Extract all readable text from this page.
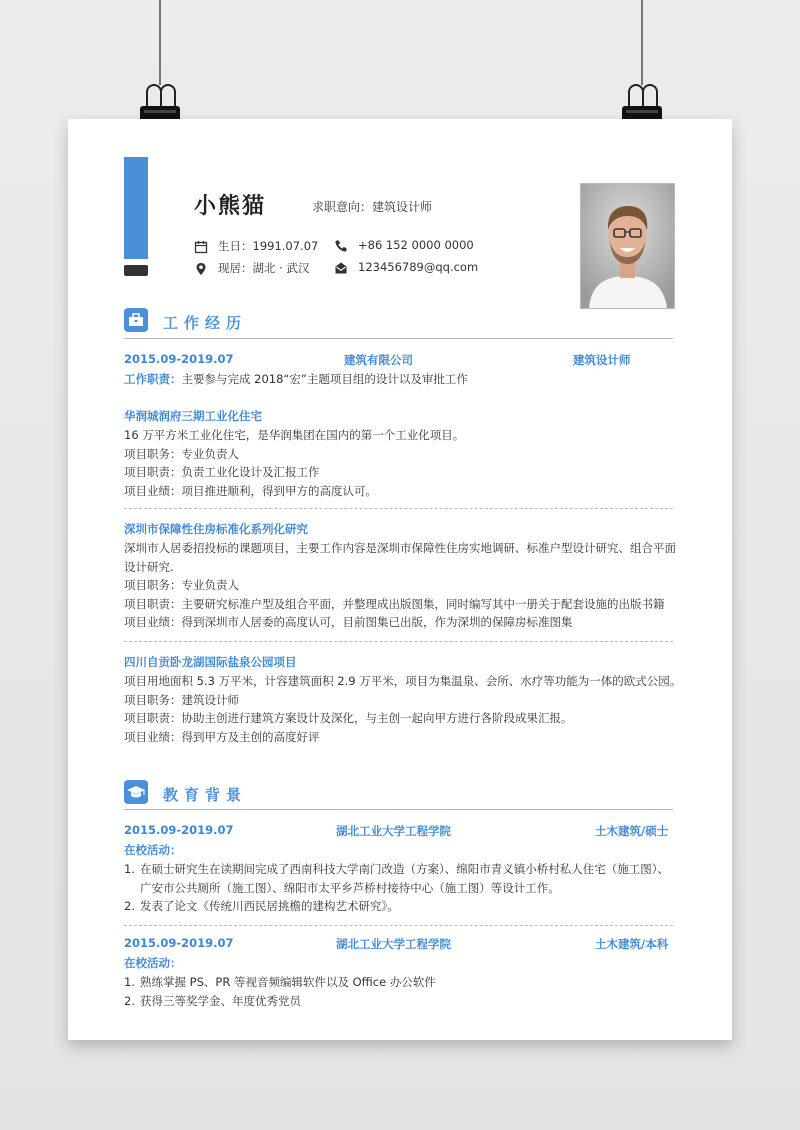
小熊猫	求职意向：建筑设计师
生日：1991.07.07	+86 152 0000 0000
现居：湖北 · 武汉	123456789@qq.com
工作经历
2015.09-2019.07	建筑有限公司	建筑设计师
工作职责：主要参与完成 2018“宏”主题项目组的设计以及审批工作
华润城润府三期工业化住宅
16 万平方米工业化住宅，是华润集团在国内的第一个工业化项目。
项目职务：专业负责人
项目职责：负责工业化设计及汇报工作
项目业绩：项目推进顺利，得到甲方的高度认可。
深圳市保障性住房标准化系列化研究
深圳市人居委招投标的课题项目，主要工作内容是深圳市保障性住房实地调研、标准户型设计研究、组合平面
设计研究.
项目职务：专业负责人
项目职责：主要研究标准户型及组合平面，并整理成出版图集，同时编写其中一册关于配套设施的出版书籍
项目业绩：得到深圳市人居委的高度认可，目前图集已出版，作为深圳的保障房标准图集
四川自贡卧龙湖国际盐泉公园项目
项目用地面积 5.3 万平米，计容建筑面积 2.9 万平米，项目为集温泉、会所、水疗等功能为一体的欧式公园。
项目职务：建筑设计师
项目职责：协助主创进行建筑方案设计及深化，与主创一起向甲方进行各阶段成果汇报。
项目业绩：得到甲方及主创的高度好评
教育背景
2015.09-2019.07	湖北工业大学工程学院	土木建筑/硕士
在校活动：
1. 在硕士研究生在读期间完成了西南科技大学南门改造（方案）、绵阳市青义镇小桥村私人住宅（施工图）、
广安市公共厕所（施工图）、绵阳市太平乡芦桥村接待中心（施工图）等设计工作。
2. 发表了论文《传统川西民居挑檐的建构艺术研究》。
2015.09-2019.07	湖北工业大学工程学院	土木建筑/本科
在校活动：
1. 熟练掌握 PS、PR 等视音频编辑软件以及 Office 办公软件
2. 获得三等奖学金、年度优秀党员
